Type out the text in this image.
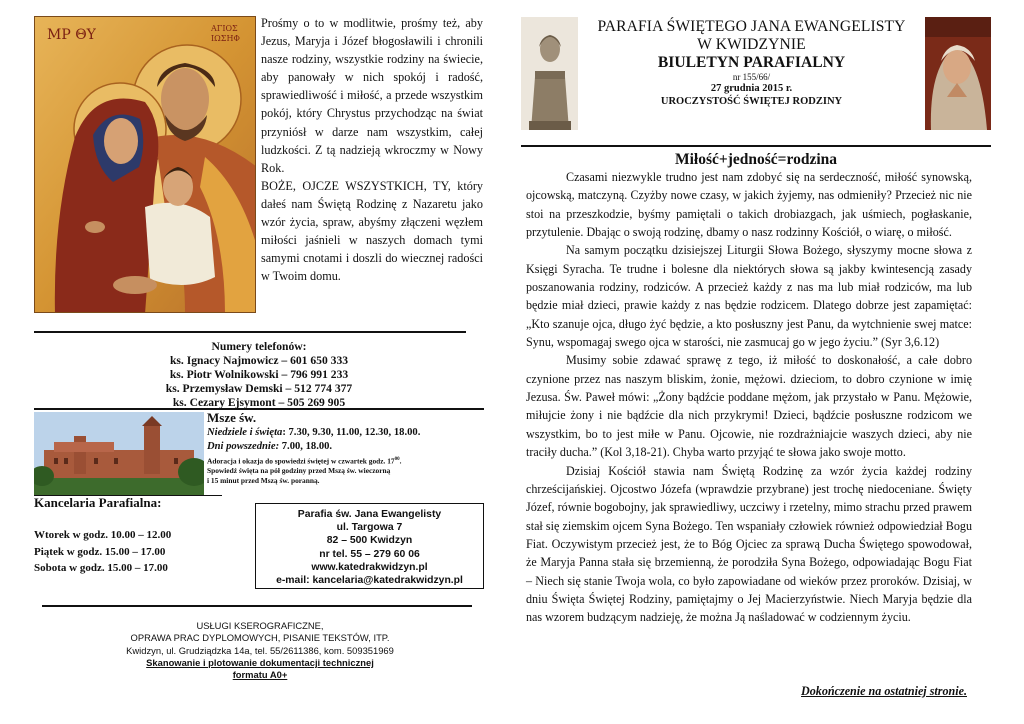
MP ΘY	ΑΓΙΟΣ
ΙΩΣΗΦ

Prośmy o to w modlitwie, prośmy też, aby Jezus, Maryja i Józef błogosławili i chronili nasze rodziny, wszystkie rodziny na świecie, aby panowały w nich spokój i radość, sprawiedliwość i miłość, a przede wszystkim pokój, który Chrystus przychodząc na świat przyniósł w darze nam wszystkim, całej ludzkości. Z tą nadzieją wkroczmy w Nowy Rok.

BOŻE, OJCZE WSZYSTKICH, TY, który dałeś nam Świętą Rodzinę z Nazaretu jako wzór życia, spraw, abyśmy złączeni węzłem miłości jaśnieli w naszych domach tymi samymi cnotami i doszli do wiecznej radości w Twoim domu.

Numery telefonów:
ks. Ignacy Najmowicz – 601 650 333
ks. Piotr Wolnikowski – 796 991 233
ks. Przemysław Demski – 512 774 377
ks. Cezary Ejsymont – 505 269 905
Msze św.
Niedziele i święta: 7.30, 9.30, 11.00, 12.30, 18.00.
Dni powszednie: 7.00, 18.00.
Adoracja i okazja do spowiedzi świętej w czwartek godz. $17^{00}$.
Spowiedź święta na pół godziny przed Mszą św. wieczorną
i 15 minut przed Mszą św. poranną.
Kancelaria Parafialna:
Wtorek w godz. 10.00 – 12.00
Piątek w godz. 15.00 – 17.00
Sobota w godz. 15.00 – 17.00
Parafia św. Jana Ewangelisty
ul. Targowa 7
82 – 500 Kwidzyn
nr tel. 55 – 279 60 06
www.katedrakwidzyn.pl
e-mail: kancelaria@katedrakwidzyn.pl
USŁUGI KSEROGRAFICZNE,
OPRAWA PRAC DYPLOMOWYCH, PISANIE TEKSTÓW, ITP.
Kwidzyn, ul. Grudziądzka 14a, tel. 55/2611386, kom. 509351969
Skanowanie i plotowanie dokumentacji technicznej
formatu A0+
PARAFIA ŚWIĘTEGO JANA EWANGELISTY
W KWIDZYNIE
BIULETYN PARAFIALNY
nr 155/66/
27 grudnia 2015 r.
UROCZYSTOŚĆ ŚWIĘTEJ RODZINY
Miłość+jedność=rodzina

Czasami niezwykle trudno jest nam zdobyć się na serdeczność, miłość synowską, ojcowską, matczyną. Czyżby nowe czasy, w jakich żyjemy, nas odmieniły? Przecież nic nie stoi na przeszkodzie, byśmy pamiętali o takich drobiazgach, jak uśmiech, pogłaskanie, przytulenie. Dbając o swoją rodzinę, dbamy o nasz rodzinny Kościół, o wiarę, o miłość.

Na samym początku dzisiejszej Liturgii Słowa Bożego, słyszymy mocne słowa z Księgi Syracha. Te trudne i bolesne dla niektórych słowa są jakby kwintesencją zasady poszanowania rodziny, rodziców. A przecież każdy z nas ma lub miał rodziców, ma lub będzie miał dzieci, prawie każdy z nas będzie rodzicem. Dlatego dobrze jest zapamiętać: „Kto szanuje ojca, długo żyć będzie, a kto posłuszny jest Panu, da wytchnienie swej matce: Synu, wspomagaj swego ojca w starości, nie zasmucaj go w jego życiu.” (Syr 3,6.12)

Musimy sobie zdawać sprawę z tego, iż miłość to doskonałość, a całe dobro czynione przez nas naszym bliskim, żonie, mężowi. dzieciom, to dobro czynione w imię Jezusa. Św. Paweł mówi: „Żony bądźcie poddane mężom, jak przystało w Panu. Mężowie, miłujcie żony i nie bądźcie dla nich przykrymi! Dzieci, bądźcie posłuszne rodzicom we wszystkim, bo to jest miłe w Panu. Ojcowie, nie rozdrażniajcie waszych dzieci, aby nie traciły ducha.” (Kol 3,18-21). Chyba warto przyjąć te słowa jako swoje motto.

Dzisiaj Kościół stawia nam Świętą Rodzinę za wzór życia każdej rodziny chrześcijańskiej. Ojcostwo Józefa (wprawdzie przybrane) jest trochę niedoceniane. Święty Józef, równie bogobojny, jak sprawiedliwy, uczciwy i rzetelny, mimo strachu przed prawem stał się ziemskim ojcem Syna Bożego. Ten wspaniały człowiek również odpowiedział Bogu Fiat. Oczywistym przecież jest, że to Bóg Ojciec za sprawą Ducha Świętego spowodował, że Maryja Panna stała się brzemienną, że porodziła Syna Bożego, odpowiadając Bogu Fiat – Niech się stanie Twoja wola, co było zapowiadane od wieków przez proroków. Dzisiaj, w dniu Święta Świętej Rodziny, pamiętajmy o Jej Macierzyństwie. Niech Maryja będzie dla nas wzorem budzącym nadzieję, że można Ją naśladować w codziennym życiu.

Dokończenie na ostatniej stronie.
